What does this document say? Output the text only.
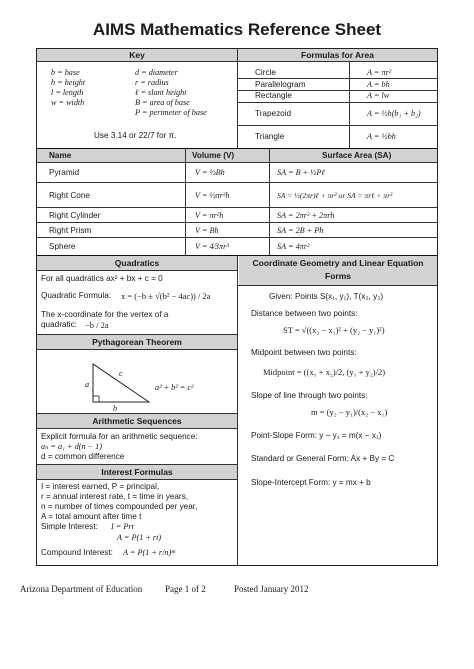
AIMS Mathematics Reference Sheet
Key	Formulas for Area
b = base
h = height
l = length
w = width
d = diameter
r = radius
ℓ = slant height
B = area of base
P = perimeter of base
Use 3.14 or 22/7 for π.
Circle	A = πr²
Parallelogram	A = bh
Rectangle	A = lw
Trapezoid	A = ½h(b₁ + b₂)
Triangle	A = ½bh
Name	Volume (V)	Surface Area (SA)
Pyramid	V = ⅓Bh	SA = B + ½Pℓ
Right Cone	V = ⅓πr²h	SA = ½(2πr)ℓ + πr² or SA = πrℓ + πr²
Right Cylinder	V = πr²h	SA = 2πr² + 2πrh
Right Prism	V = Bh	SA = 2B + Ph
Sphere	V = 4⁄3πr³	SA = 4πr²
Quadratics
For all quadratics ax² + bx + c = 0
Quadratic Formula: x = (−b ± √(b² − 4ac)) / 2a
The x-coordinate for the vertex of a
quadratic: −b / 2a
Pythagorean Theorem
a
c
b
a² + b² = c²
Arithmetic Sequences
Explicit formula for an arithmetic sequence:
aₙ = a₁ + d(n − 1)
d = common difference
Interest Formulas
I = interest earned, P = principal,
r = annual interest rate, t = time in years,
n = number of times compounded per year,
A = total amount after time t
Simple Interest: I = Prt
A = P(1 + rt)
Compound Interest: A = P(1 + r/n)ⁿᵗ
Coordinate Geometry and Linear Equation Forms
Given: Points S(x₁, y₁), T(x₂, y₂)
Distance between two points:
ST = √((x₂ − x₁)² + (y₂ − y₁)²)
Midpoint between two points:
Midpoint = ((x₁ + x₂)/2, (y₁ + y₂)/2)
Slope of line through two points:
m = (y₂ − y₁)/(x₂ − x₁)
Point-Slope Form: y − y₁ = m(x − x₁)
Standard or General Form: Ax + By = C
Slope-Intercept Form: y = mx + b
Arizona Department of Education	Page 1 of 2	Posted January 2012
